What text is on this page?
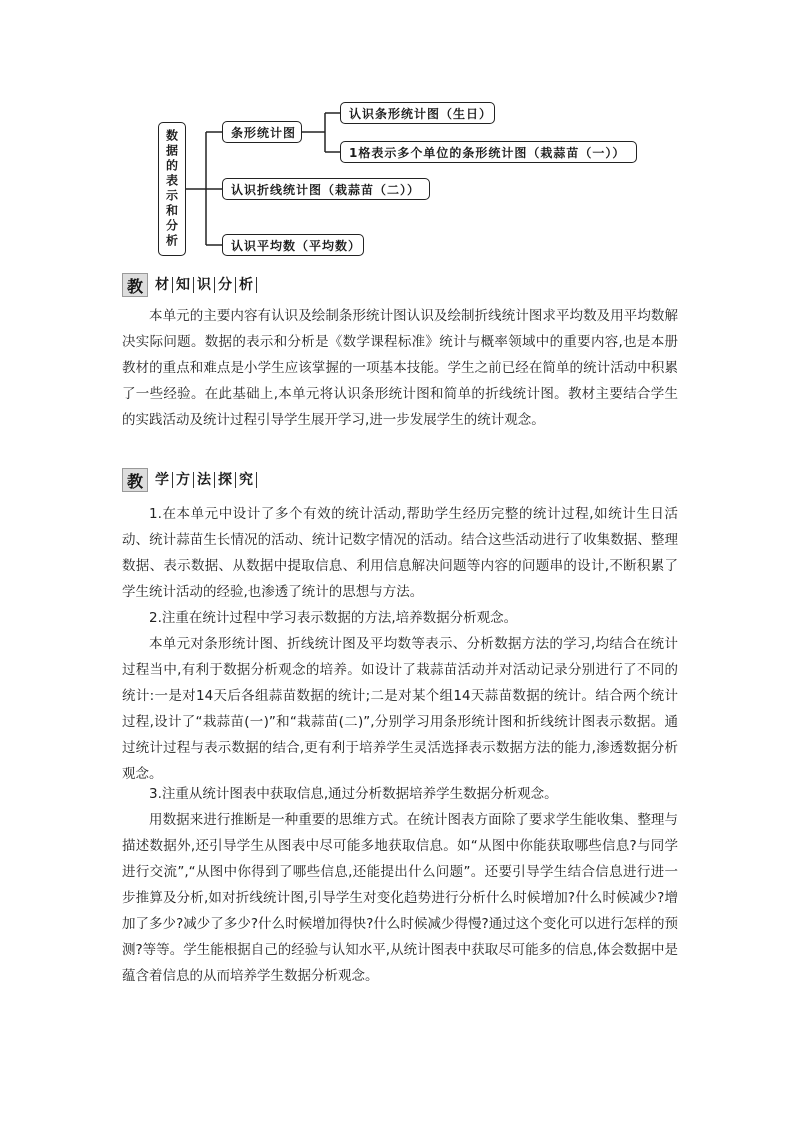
数据的表示和分析	条形统计图
认识条形统计图（生日）
1格表示多个单位的条形统计图（栽蒜苗（一））
认识折线统计图（栽蒜苗（二））
认识平均数（平均数）
教 材 知 识 分 析

本单元的主要内容有认识及绘制条形统计图认识及绘制折线统计图求平均数及用平均数解决实际问题。数据的表示和分析是《数学课程标准》统计与概率领域中的重要内容,也是本册教材的重点和难点是小学生应该掌握的一项基本技能。学生之前已经在简单的统计活动中积累了一些经验。在此基础上,本单元将认识条形统计图和简单的折线统计图。教材主要结合学生的实践活动及统计过程引导学生展开学习,进一步发展学生的统计观念。

教 学 方 法 探 究

1.在本单元中设计了多个有效的统计活动,帮助学生经历完整的统计过程,如统计生日活动、统计蒜苗生长情况的活动、统计记数字情况的活动。结合这些活动进行了收集数据、整理数据、表示数据、从数据中提取信息、利用信息解决问题等内容的问题串的设计,不断积累了学生统计活动的经验,也渗透了统计的思想与方法。

2.注重在统计过程中学习表示数据的方法,培养数据分析观念。

本单元对条形统计图、折线统计图及平均数等表示、分析数据方法的学习,均结合在统计过程当中,有利于数据分析观念的培养。如设计了栽蒜苗活动并对活动记录分别进行了不同的统计:一是对14天后各组蒜苗数据的统计;二是对某个组14天蒜苗数据的统计。结合两个统计过程,设计了“栽蒜苗(一)”和“栽蒜苗(二)”,分别学习用条形统计图和折线统计图表示数据。通过统计过程与表示数据的结合,更有利于培养学生灵活选择表示数据方法的能力,渗透数据分析观念。

3.注重从统计图表中获取信息,通过分析数据培养学生数据分析观念。

用数据来进行推断是一种重要的思维方式。在统计图表方面除了要求学生能收集、整理与描述数据外,还引导学生从图表中尽可能多地获取信息。如“从图中你能获取哪些信息?与同学进行交流”,“从图中你得到了哪些信息,还能提出什么问题”。还要引导学生结合信息进行进一步推算及分析,如对折线统计图,引导学生对变化趋势进行分析什么时候增加?什么时候减少?增加了多少?减少了多少?什么时候增加得快?什么时候减少得慢?通过这个变化可以进行怎样的预测?等等。学生能根据自己的经验与认知水平,从统计图表中获取尽可能多的信息,体会数据中是蕴含着信息的从而培养学生数据分析观念。
